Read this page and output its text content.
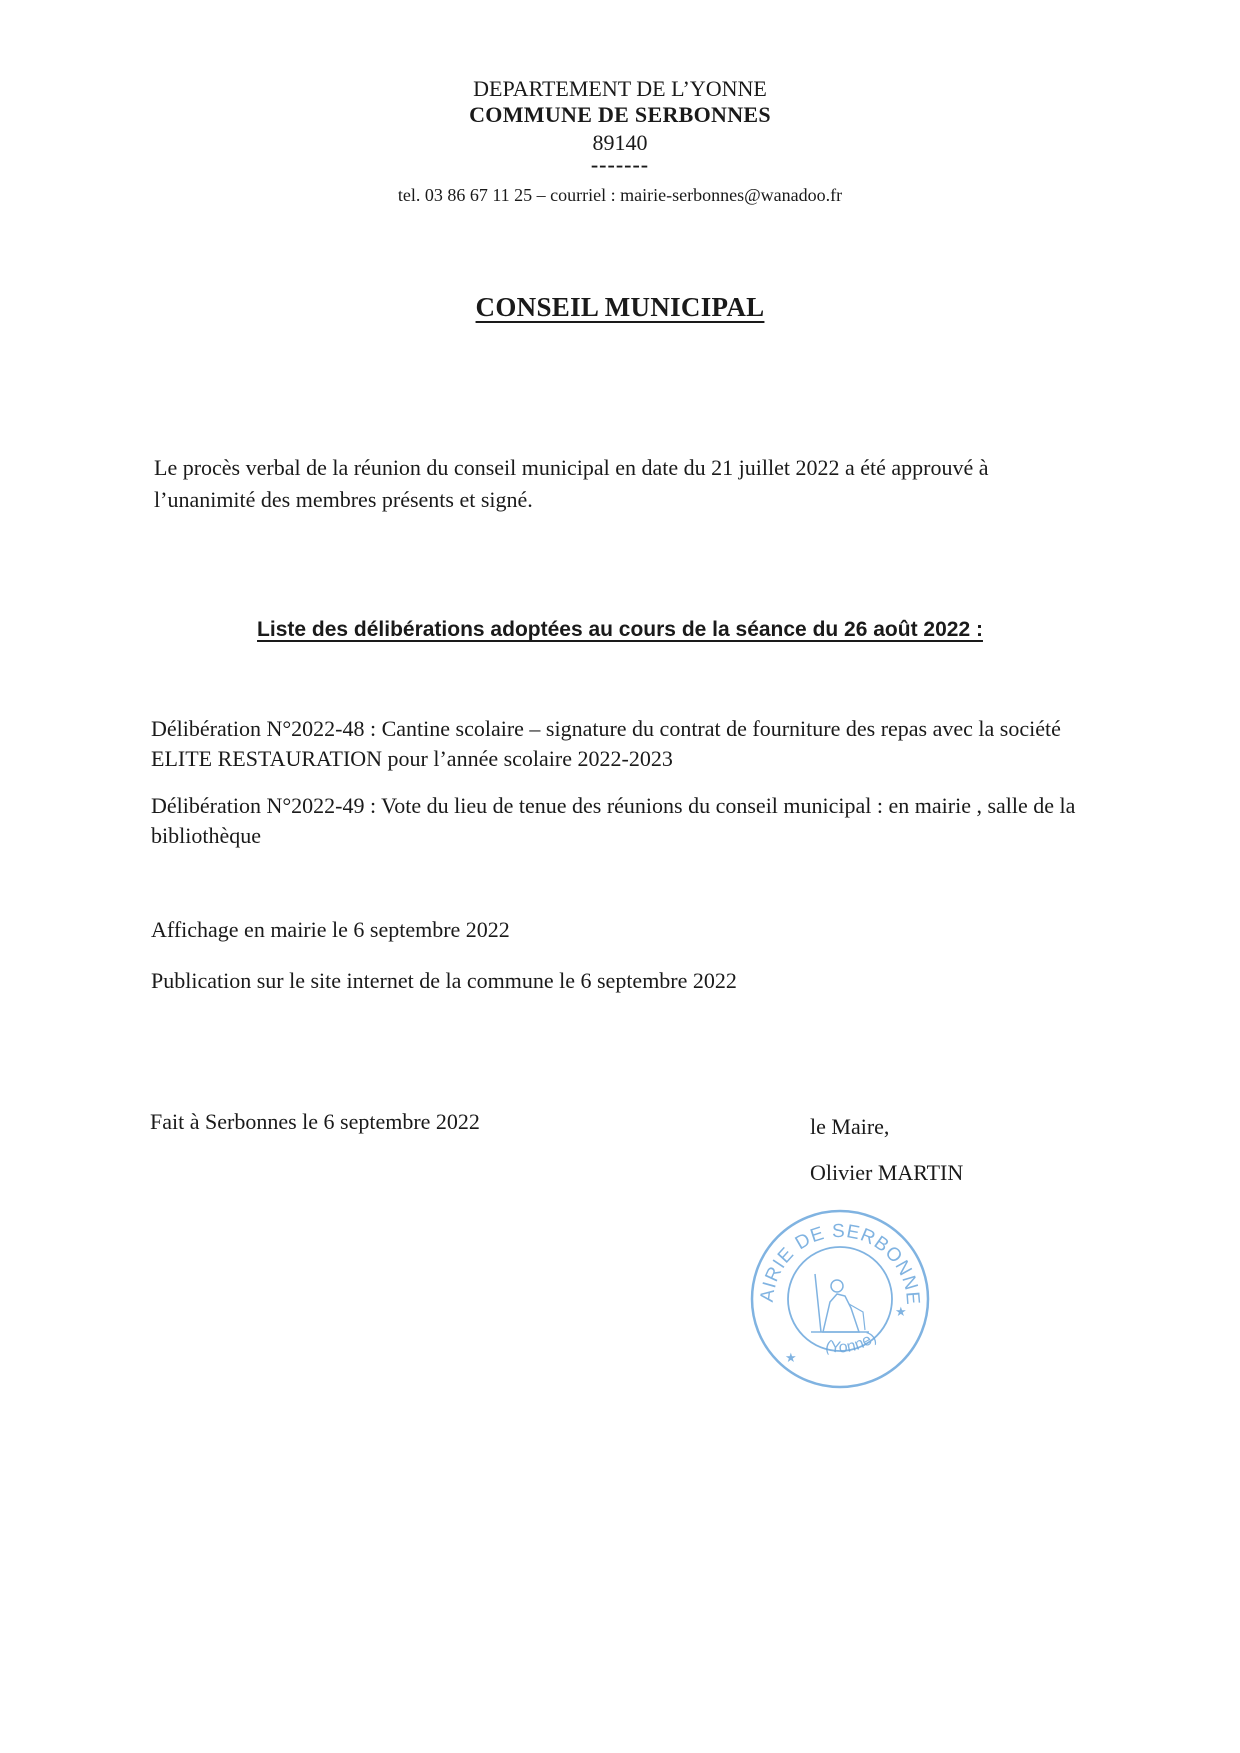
DEPARTEMENT DE L’YONNE
COMMUNE DE SERBONNES
89140
-------
tel. 03 86 67 11 25 – courriel : mairie-serbonnes@wanadoo.fr
CONSEIL MUNICIPAL
Le procès verbal de la réunion du conseil municipal en date du 21 juillet 2022 a été approuvé à l’unanimité des membres présents et signé.
Liste des délibérations adoptées au cours de la séance du 26 août 2022 :
Délibération N°2022-48 : Cantine scolaire – signature du contrat de fourniture des repas avec la société ELITE RESTAURATION pour l’année scolaire 2022-2023
Délibération N°2022-49 : Vote du lieu de tenue des réunions du conseil municipal : en mairie , salle de la bibliothèque
Affichage en mairie le 6 septembre 2022
Publication sur le site internet de la commune le 6 septembre 2022
Fait à Serbonnes le 6 septembre 2022	le Maire,
Olivier MARTIN
AIRIE DE SERBONNE
(Yonne)
★
★
